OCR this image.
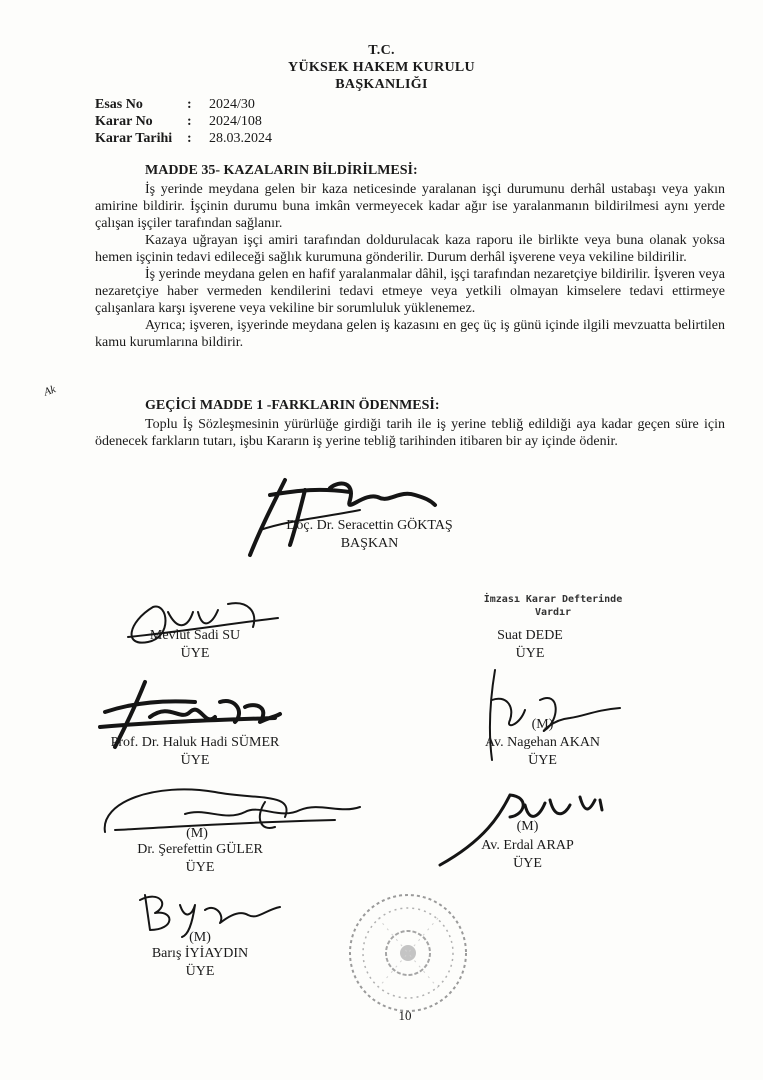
T.C.
YÜKSEK HAKEM KURULU
BAŞKANLIĞI
Esas No	: 2024/30
Karar No : 2024/108
Karar Tarihi : 28.03.2024
MADDE 35- KAZALARIN BİLDİRİLMESİ:

İş yerinde meydana gelen bir kaza neticesinde yaralanan işçi durumunu derhâl ustabaşı veya yakın amirine bildirir. İşçinin durumu buna imkân vermeyecek kadar ağır ise yaralanmanın bildirilmesi aynı yerde çalışan işçiler tarafından sağlanır.

Kazaya uğrayan işçi amiri tarafından doldurulacak kaza raporu ile birlikte veya buna olanak yoksa hemen işçinin tedavi edileceği sağlık kurumuna gönderilir. Durum derhâl işverene veya vekiline bildirilir.

İş yerinde meydana gelen en hafif yaralanmalar dâhil, işçi tarafından nezaretçiye bildirilir. İşveren veya nezaretçiye haber vermeden kendilerini tedavi etmeye veya yetkili olmayan kimselere tedavi ettirmeye çalışanlara karşı işverene veya vekiline bir sorumluluk yüklenemez.

Ayrıca; işveren, işyerinde meydana gelen iş kazasını en geç üç iş günü içinde ilgili mevzuatta belirtilen kamu kurumlarına bildirir.

Ak
GEÇİCİ MADDE 1 -FARKLARIN ÖDENMESİ:

Toplu İş Sözleşmesinin yürürlüğe girdiği tarih ile iş yerine tebliğ edildiği aya kadar geçen süre için ödenecek farkların tutarı, işbu Kararın iş yerine tebliğ tarihinden itibaren bir ay içinde ödenir.

Doç. Dr. Seracettin GÖKTAŞ
BAŞKAN
Mevlüt Sadi SU
ÜYE
İmzası Karar Defterinde Vardır
Suat DEDE
ÜYE
Prof. Dr. Haluk Hadi SÜMER
ÜYE
(M)
Av. Nagehan AKAN
ÜYE
(M)
Dr. Şerefettin GÜLER
ÜYE
(M)
Av. Erdal ARAP
ÜYE
(M)
Barış İYİAYDIN
ÜYE
10
